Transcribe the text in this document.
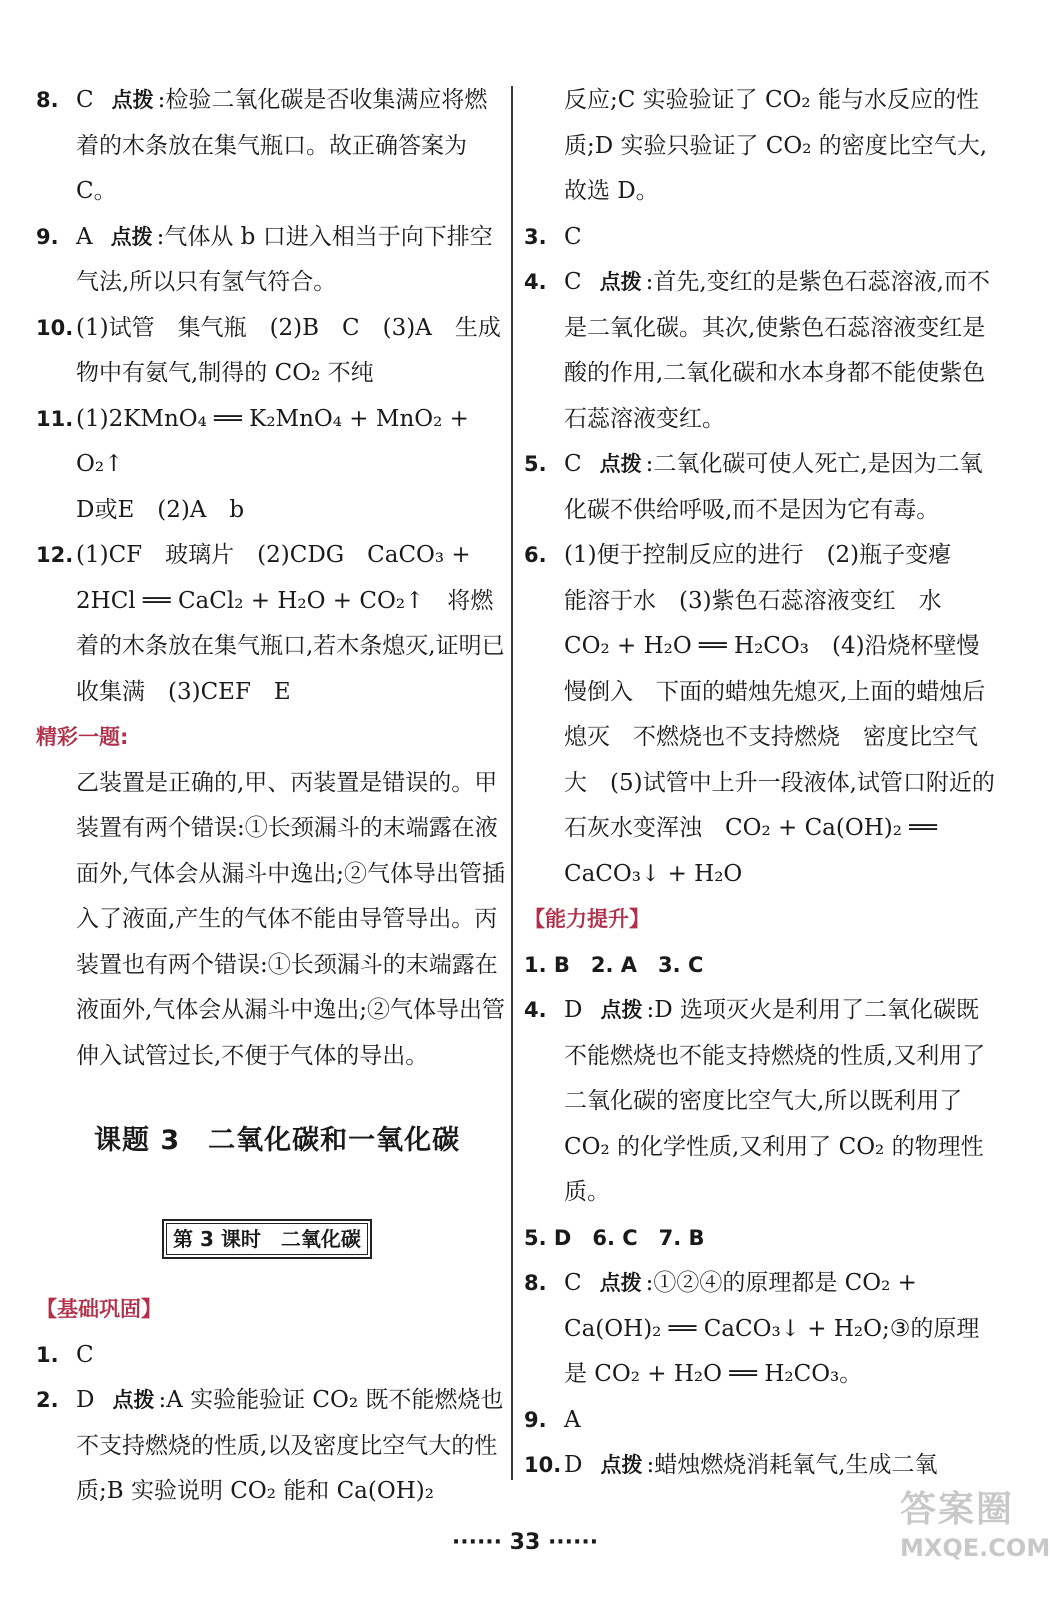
8. C 点拨 :检验二氧化碳是否收集满应将燃着的木条放在集气瓶口。故正确答案为C。
9. A 点拨 :气体从 b 口进入相当于向下排空气法,所以只有氢气符合。
10. (1)试管　集气瓶　(2)B　C　(3)A　生成物中有氨气,制得的 CO₂ 不纯
11. (1)2KMnO₄ ══ K₂MnO₄ + MnO₂ + O₂↑
D或E　(2)A　b
12. (1)CF　玻璃片　(2)CDG　CaCO₃ + 2HCl ══ CaCl₂ + H₂O + CO₂↑　将燃着的木条放在集气瓶口,若木条熄灭,证明已收集满　(3)CEF　E
精彩一题:
乙装置是正确的,甲、丙装置是错误的。甲装置有两个错误:①长颈漏斗的末端露在液面外,气体会从漏斗中逸出;②气体导出管插入了液面,产生的气体不能由导管导出。丙装置也有两个错误:①长颈漏斗的末端露在液面外,气体会从漏斗中逸出;②气体导出管伸入试管过长,不便于气体的导出。
课题 3　二氧化碳和一氧化碳
第 3 课时　二氧化碳
【基础巩固】
1. C
2. D 点拨 :A 实验能验证 CO₂ 既不能燃烧也不支持燃烧的性质,以及密度比空气大的性质;B 实验说明 CO₂ 能和 Ca(OH)₂
反应;C 实验验证了 CO₂ 能与水反应的性质;D 实验只验证了 CO₂ 的密度比空气大,故选 D。
3. C
4. C 点拨 :首先,变红的是紫色石蕊溶液,而不是二氧化碳。其次,使紫色石蕊溶液变红是酸的作用,二氧化碳和水本身都不能使紫色石蕊溶液变红。
5. C 点拨 :二氧化碳可使人死亡,是因为二氧化碳不供给呼吸,而不是因为它有毒。
6. (1)便于控制反应的进行　(2)瓶子变瘪　能溶于水　(3)紫色石蕊溶液变红　水　CO₂ + H₂O ══ H₂CO₃　(4)沿烧杯壁慢慢倒入　下面的蜡烛先熄灭,上面的蜡烛后熄灭　不燃烧也不支持燃烧　密度比空气大　(5)试管中上升一段液体,试管口附近的石灰水变浑浊　CO₂ + Ca(OH)₂ ══ CaCO₃↓ + H₂O
【能力提升】
1. B　2. A　3. C
4. D 点拨 :D 选项灭火是利用了二氧化碳既不能燃烧也不能支持燃烧的性质,又利用了二氧化碳的密度比空气大,所以既利用了 CO₂ 的化学性质,又利用了 CO₂ 的物理性质。
5. D　6. C　7. B
8. C 点拨 :①②④的原理都是 CO₂ + Ca(OH)₂ ══ CaCO₃↓ + H₂O;③的原理是 CO₂ + H₂O ══ H₂CO₃。
9. A
10. D 点拨 :蜡烛燃烧消耗氧气,生成二氧
······ 33 ······
答案圈
MXQE.COM
